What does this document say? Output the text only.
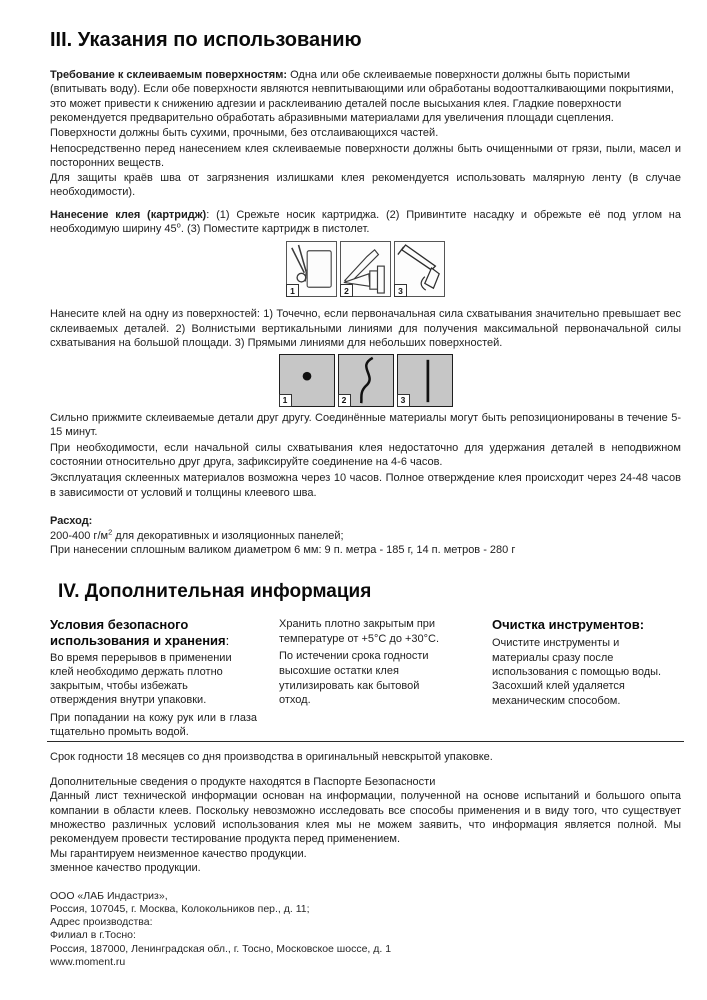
III. Указания по использованию

Требование к склеиваемым поверхностям: Одна или обе склеиваемые поверхности должны быть пористыми (впитывать воду). Если обе поверхности являются невпитывающими или обработаны водоотталкивающими покрытиями, это может привести к снижению адгезии и расклеиванию деталей после высыхания клея. Гладкие поверхности рекомендуется предварительно обработать абразивными материалами для увеличения площади сцепления. Поверхности должны быть сухими, прочными, без отслаивающихся частей.

Непосредственно перед нанесением клея склеиваемые поверхности должны быть очищенными от грязи, пыли, масел и посторонних веществ.

Для защиты краёв шва от загрязнения излишками клея рекомендуется использовать малярную ленту (в случае необходимости).

Нанесение клея (картридж): (1) Срежьте носик картриджа. (2) Привинтите насадку и обрежьте её под углом на необходимую ширину $45^о$. (3) Поместите картридж в пистолет.

1	2	3

Нанесите клей на одну из поверхностей: 1) Точечно, если первоначальная сила схватывания значительно превышает вес склеиваемых деталей. 2) Волнистыми вертикальными линиями для получения максимальной первоначальной силы схватывания на большой площади. 3) Прямыми линиями для небольших поверхностей.

1	2	3

Сильно прижмите склеиваемые детали друг другу. Соединённые материалы могут быть репозиционированы в течение 5-15 минут.

При необходимости, если начальной силы схватывания клея недостаточно для удержания деталей в неподвижном состоянии относительно друг друга, зафиксируйте соединение на 4-6 часов.

Эксплуатация склеенных материалов возможна через 10 часов. Полное отверждение клея происходит через 24-48 часов в зависимости от условий и толщины клеевого шва.

Расход:

200-400 $г/м^2$ для декоративных и изоляционных панелей;

При нанесении сплошным валиком диаметром 6 мм: 9 п. метра - 185 г, 14 п. метров - 280 г

IV. Дополнительная информация
Условия безопасного использования и хранения:

Во время перерывов в применении клей необходимо держать плотно закрытым, чтобы избежать отверждения внутри упаковки.

При попадании на кожу рук или в глаза тщательно промыть водой.

Хранить плотно закрытым при температуре от +5°С до +30°С.

По истечении срока годности высохшие остатки клея утилизировать как бытовой отход.

Очистка инструментов:

Очистите инструменты и материалы сразу после использования с помощью воды. Засохший клей удаляется механическим способом.

Срок годности 18 месяцев со дня производства в оригинальный невскрытой упаковке.

Дополнительные сведения о продукте находятся в Паспорте Безопасности

Данный лист технической информации основан на информации, полученной на основе испытаний и большого опыта компании в области клеев. Поскольку невозможно исследовать все способы применения и в виду того, что существует множество различных условий использования клея мы не можем заявить, что информация является полной. Мы рекомендуем провести тестирование продукта перед применением.

Мы гарантируем неизменное качество продукции.

зменное качество продукции.

ООО «ЛАБ Индастриз»,

Россия, 107045, г. Москва, Колокольников пер., д. 11;

Адрес производства:

Филиал в г.Тосно:

Россия, 187000, Ленинградская обл., г. Тосно, Московское шоссе, д. 1

www.moment.ru
